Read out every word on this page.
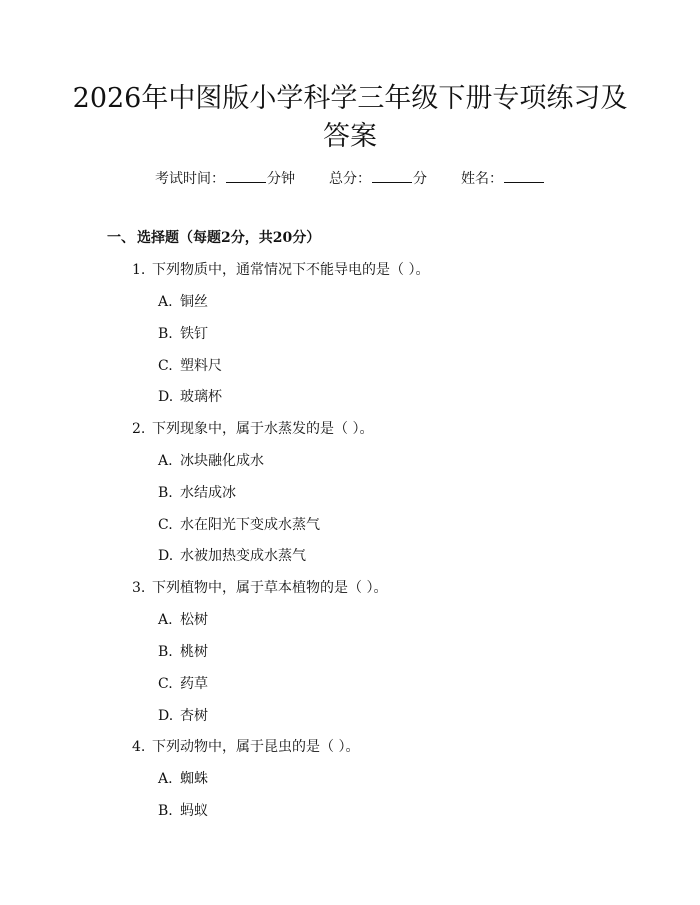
2026年中图版小学科学三年级下册专项练习及答案
考试时间：	分钟 总分：	分 姓名：
一、 选择题（每题2分，共20分）
1. 下列物质中，通常情况下不能导电的是（ ）。
A. 铜丝
B. 铁钉
C. 塑料尺
D. 玻璃杯
2. 下列现象中，属于水蒸发的是（ ）。
A. 冰块融化成水
B. 水结成冰
C. 水在阳光下变成水蒸气
D. 水被加热变成水蒸气
3. 下列植物中，属于草本植物的是（ ）。
A. 松树
B. 桃树
C. 药草
D. 杏树
4. 下列动物中，属于昆虫的是（ ）。
A. 蜘蛛
B. 蚂蚁
